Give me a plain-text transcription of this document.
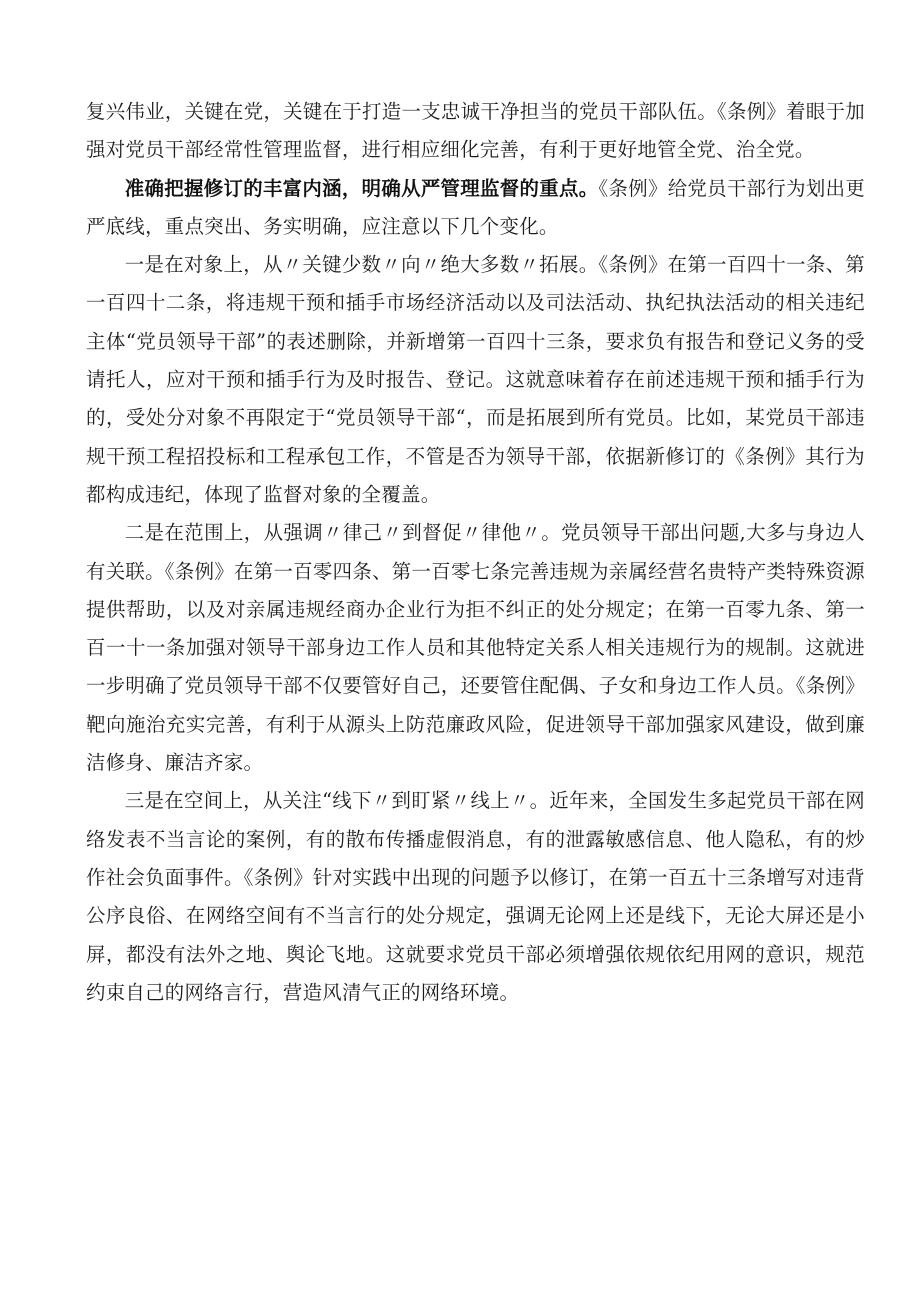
复兴伟业，关键在党，关键在于打造一支忠诚干净担当的党员干部队伍。《条例》着眼于加强对党员干部经常性管理监督，进行相应细化完善，有利于更好地管全党、治全党。

准确把握修订的丰富内涵，明确从严管理监督的重点。《条例》给党员干部行为划出更严底线，重点突出、务实明确，应注意以下几个变化。

一是在对象上，从〃关键少数〃向〃绝大多数〃拓展。《条例》在第一百四十一条、第一百四十二条，将违规干预和插手市场经济活动以及司法活动、执纪执法活动的相关违纪主体“党员领导干部”的表述删除，并新增第一百四十三条，要求负有报告和登记义务的受请托人，应对干预和插手行为及时报告、登记。这就意味着存在前述违规干预和插手行为的，受处分对象不再限定于“党员领导干部“，而是拓展到所有党员。比如，某党员干部违规干预工程招投标和工程承包工作，不管是否为领导干部，依据新修订的《条例》其行为都构成违纪，体现了监督对象的全覆盖。

二是在范围上，从强调〃律己〃到督促〃律他〃。党员领导干部出问题,大多与身边人有关联。《条例》在第一百零四条、第一百零七条完善违规为亲属经营名贵特产类特殊资源提供帮助，以及对亲属违规经商办企业行为拒不纠正的处分规定；在第一百零九条、第一百一十一条加强对领导干部身边工作人员和其他特定关系人相关违规行为的规制。这就进一步明确了党员领导干部不仅要管好自己，还要管住配偶、子女和身边工作人员。《条例》靶向施治充实完善，有利于从源头上防范廉政风险，促进领导干部加强家风建设，做到廉洁修身、廉洁齐家。

三是在空间上，从关注“线下〃到盯紧〃线上〃。近年来，全国发生多起党员干部在网络发表不当言论的案例，有的散布传播虚假消息，有的泄露敏感信息、他人隐私，有的炒作社会负面事件。《条例》针对实践中出现的问题予以修订，在第一百五十三条增写对违背公序良俗、在网络空间有不当言行的处分规定，强调无论网上还是线下，无论大屏还是小屏，都没有法外之地、舆论飞地。这就要求党员干部必须增强依规依纪用网的意识，规范约束自己的网络言行，营造风清气正的网络环境。
